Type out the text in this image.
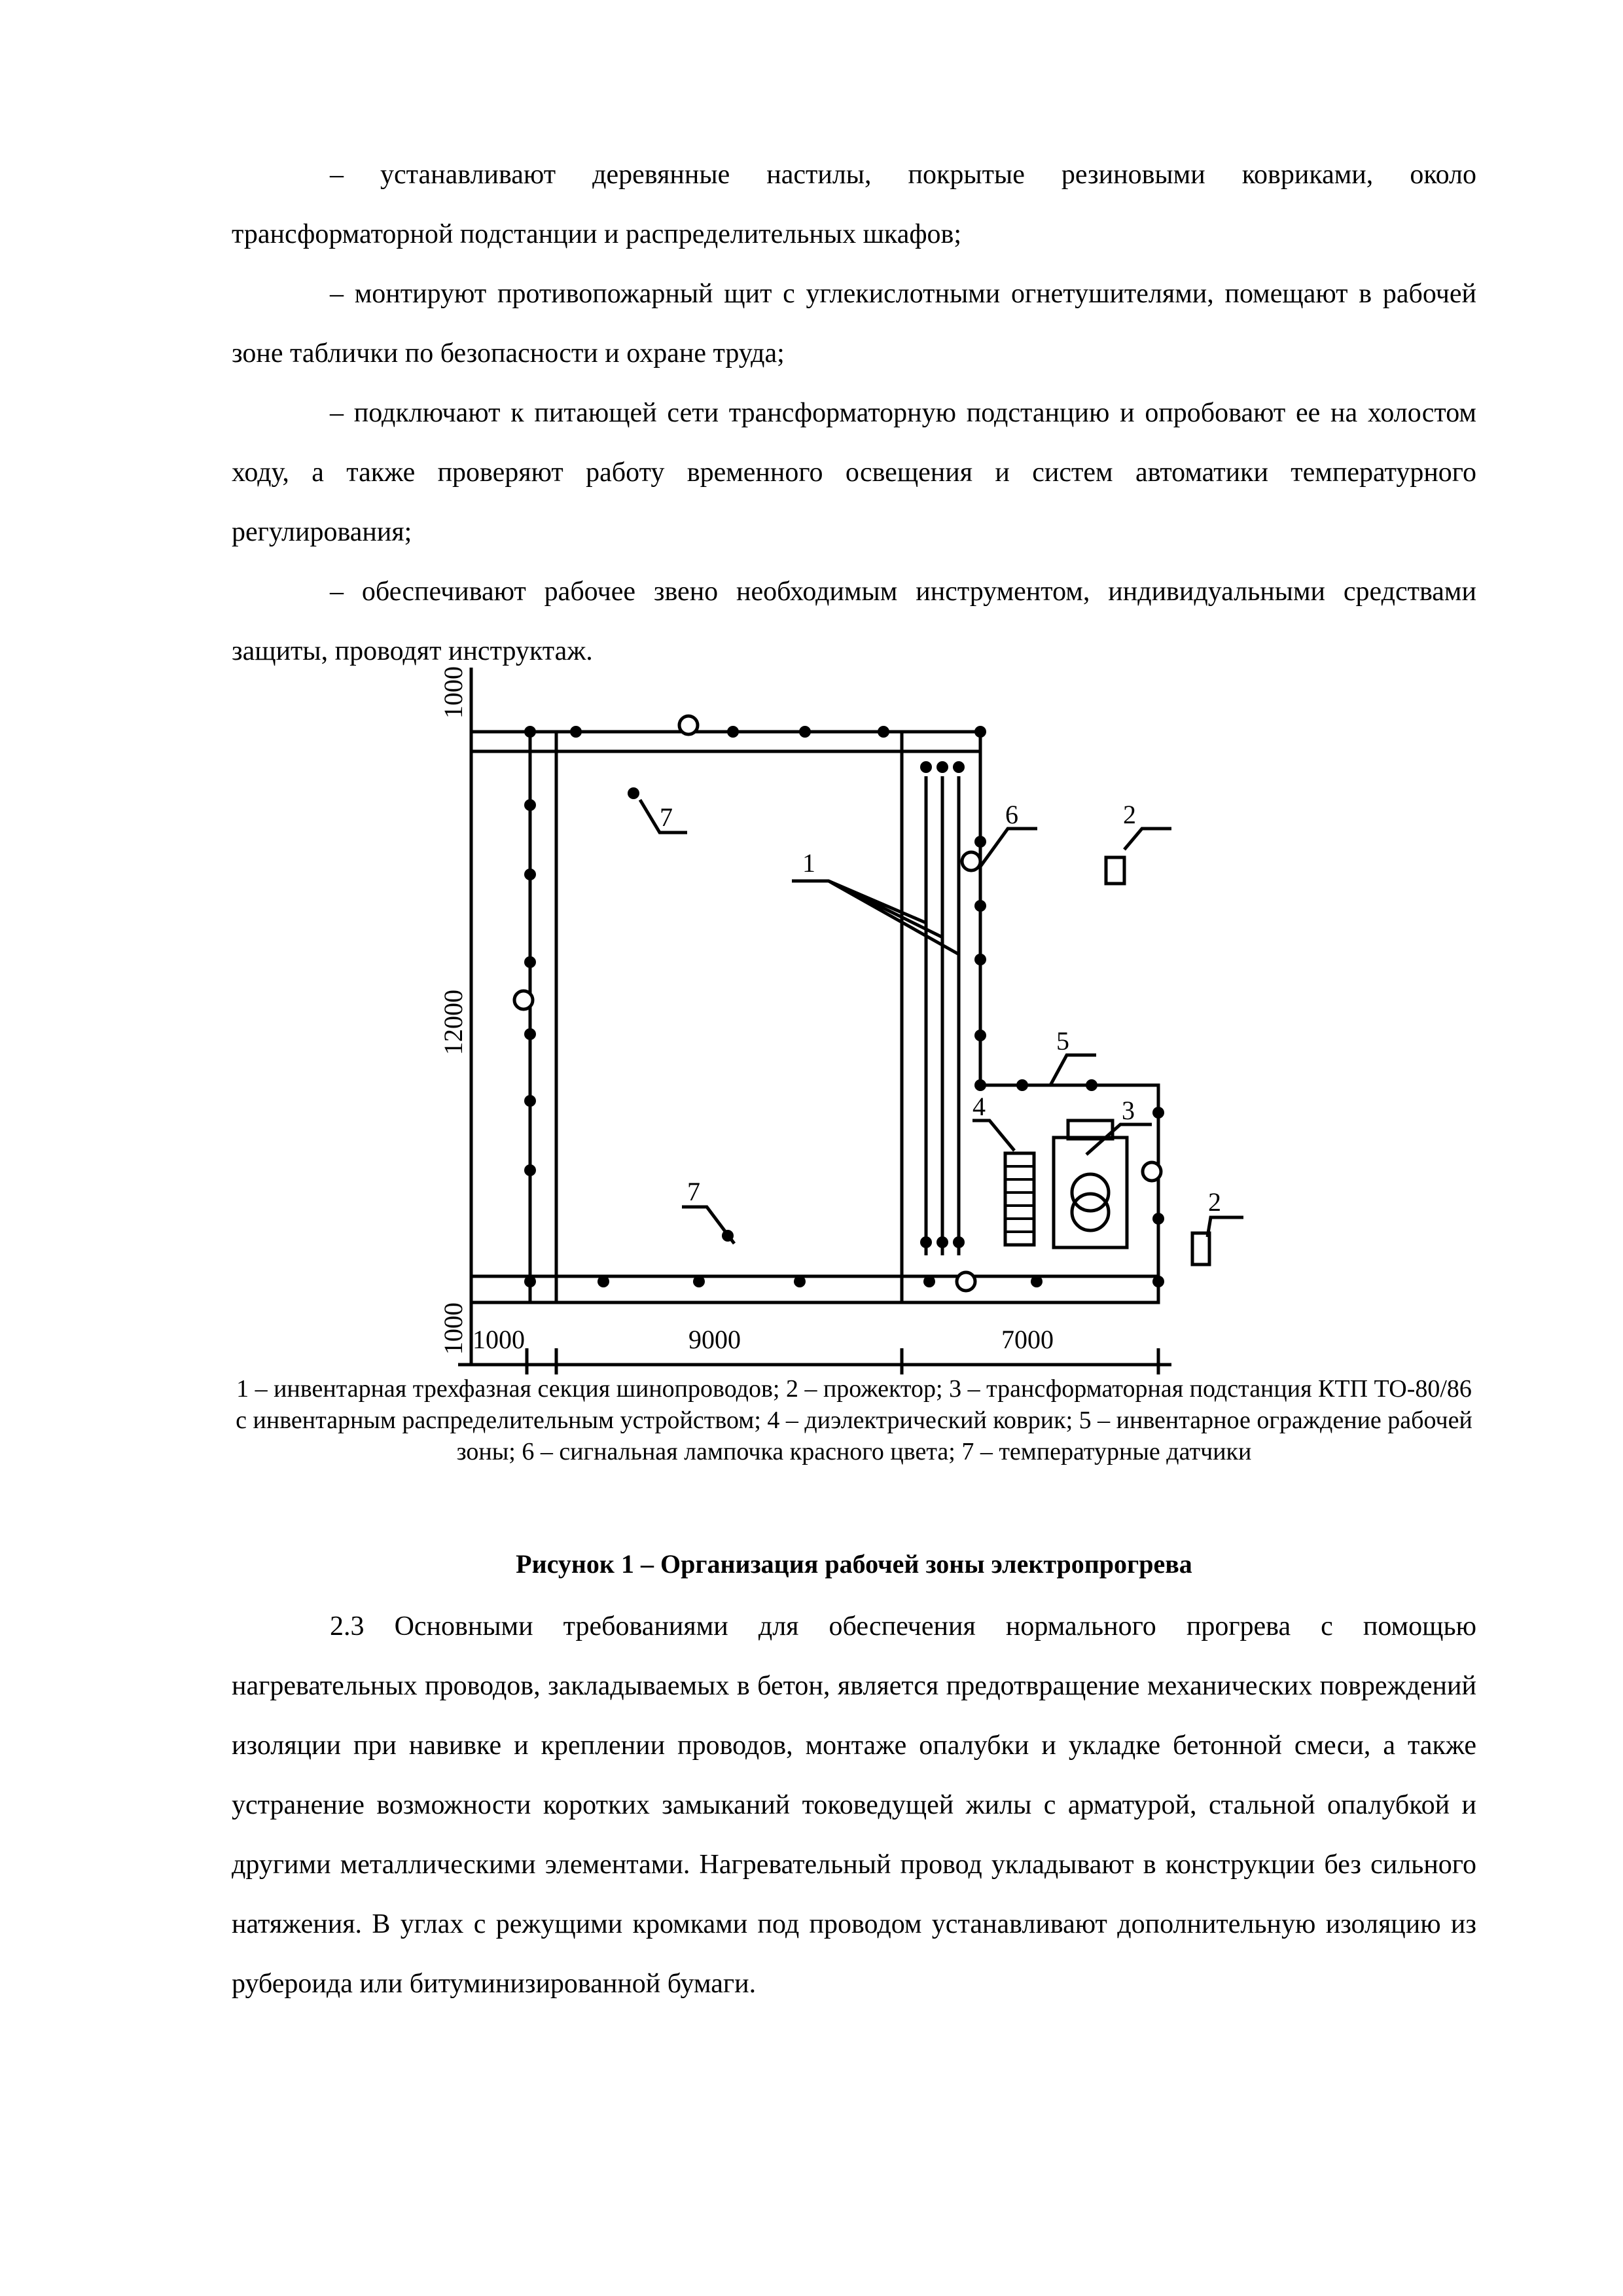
– устанавливают деревянные настилы, покрытые резиновыми ковриками, около трансформаторной подстанции и распределительных шкафов;

– монтируют противопожарный щит с углекислотными огнетушителями, помещают в рабочей зоне таблички по безопасности и охране труда;

– подключают к питающей сети трансформаторную подстанцию и опробовают ее на холостом ходу, а также проверяют работу временного освещения и систем автоматики температурного регулирования;

– обеспечивают рабочее звено необходимым инструментом, индивидуальными средствами защиты, проводят инструктаж.

1000
12000
1000 1000	9000	7000
1
2
2
3
4
5
6
7
7
1 – инвентарная трехфазная секция шинопроводов; 2 – прожектор; 3 – трансформаторная подстанция КТП ТО-80/86 с инвентарным распределительным устройством; 4 – диэлектрический коврик; 5 – инвентарное ограждение рабочей зоны; 6 – сигнальная лампочка красного цвета; 7 – температурные датчики
Рисунок 1 – Организация рабочей зоны электропрогрева

2.3 Основными требованиями для обеспечения нормального прогрева с помощью нагревательных проводов, закладываемых в бетон, является предотвращение механических повреждений изоляции при навивке и креплении проводов, монтаже опалубки и укладке бетонной смеси, а также устранение возможности коротких замыканий токоведущей жилы с арматурой, стальной опалубкой и другими металлическими элементами. Нагревательный провод укладывают в конструкции без сильного натяжения. В углах с режущими кромками под проводом устанавливают дополнительную изоляцию из рубероида или битуминизированной бумаги.
